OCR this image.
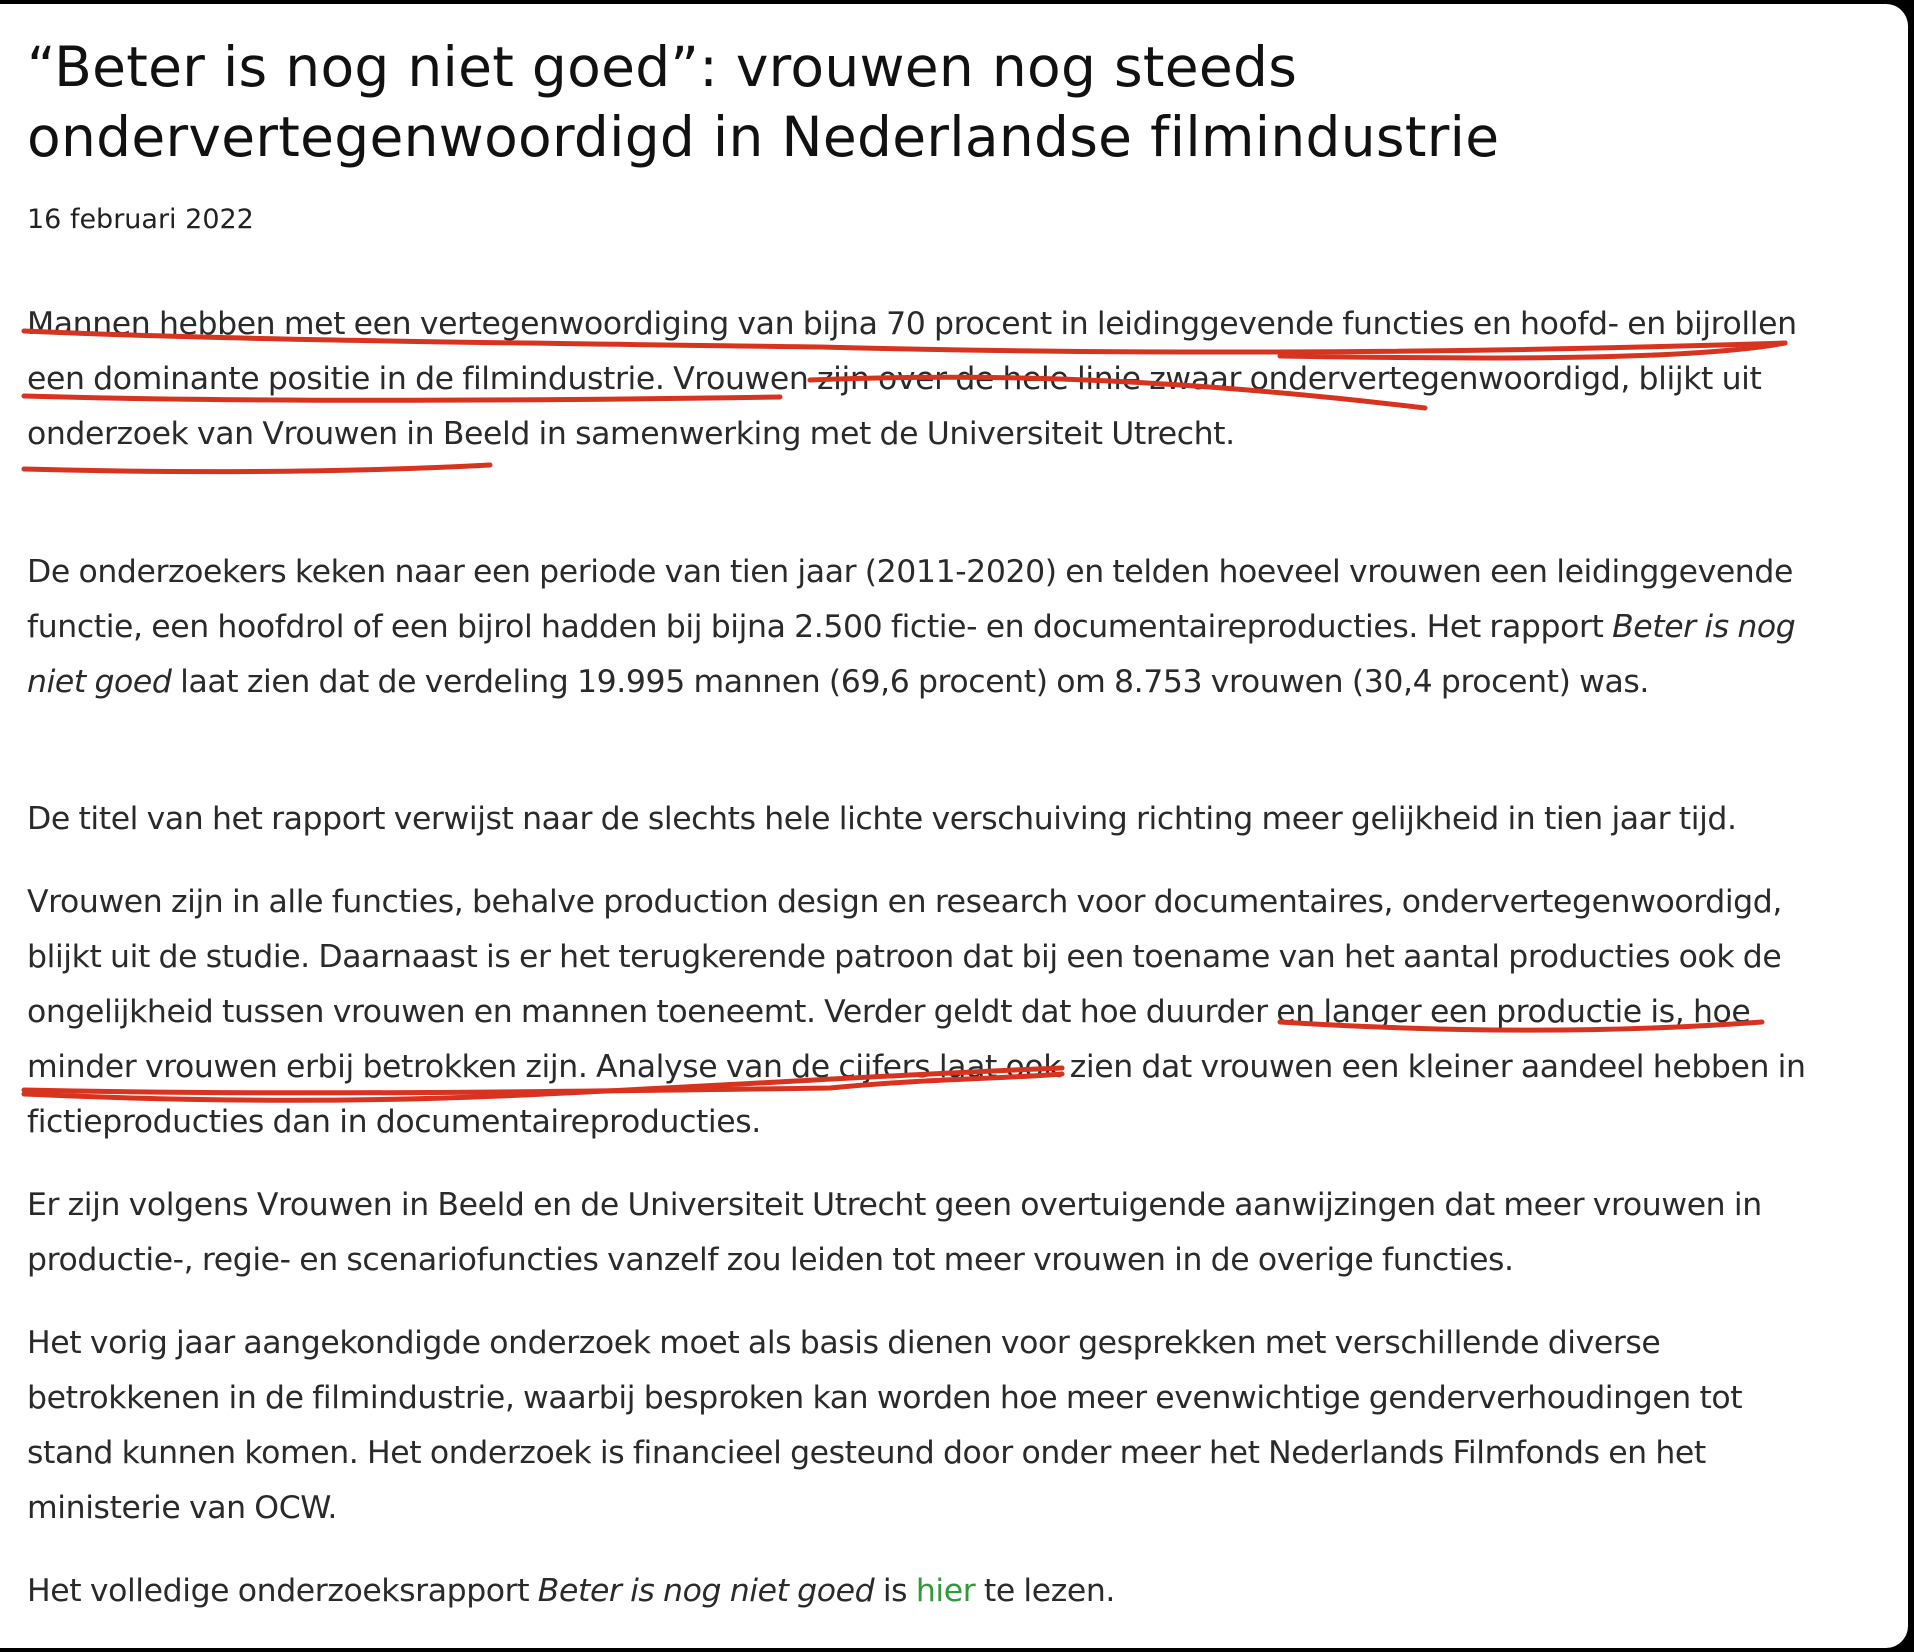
“Beter is nog niet goed”: vrouwen nog steeds ondervertegenwoordigd in Nederlandse filmindustrie
16 februari 2022

Mannen hebben met een vertegenwoordiging van bijna 70 procent in leidinggevende functies en hoofd- en bijrollen een dominante positie in de filmindustrie. Vrouwen zijn over de hele linie zwaar ondervertegenwoordigd, blijkt uit onderzoek van Vrouwen in Beeld in samenwerking met de Universiteit Utrecht.

De onderzoekers keken naar een periode van tien jaar (2011-2020) en telden hoeveel vrouwen een leidinggevende functie, een hoofdrol of een bijrol hadden bij bijna 2.500 fictie- en documentaireproducties. Het rapport Beter is nog niet goed laat zien dat de verdeling 19.995 mannen (69,6 procent) om 8.753 vrouwen (30,4 procent) was.

De titel van het rapport verwijst naar de slechts hele lichte verschuiving richting meer gelijkheid in tien jaar tijd.

Vrouwen zijn in alle functies, behalve production design en research voor documentaires, ondervertegenwoordigd, blijkt uit de studie. Daarnaast is er het terugkerende patroon dat bij een toename van het aantal producties ook de ongelijkheid tussen vrouwen en mannen toeneemt. Verder geldt dat hoe duurder en langer een productie is, hoe minder vrouwen erbij betrokken zijn. Analyse van de cijfers laat ook zien dat vrouwen een kleiner aandeel hebben in fictieproducties dan in documentaireproducties.

Er zijn volgens Vrouwen in Beeld en de Universiteit Utrecht geen overtuigende aanwijzingen dat meer vrouwen in productie-, regie- en scenariofuncties vanzelf zou leiden tot meer vrouwen in de overige functies.

Het vorig jaar aangekondigde onderzoek moet als basis dienen voor gesprekken met verschillende diverse betrokkenen in de filmindustrie, waarbij besproken kan worden hoe meer evenwichtige genderverhoudingen tot stand kunnen komen. Het onderzoek is financieel gesteund door onder meer het Nederlands Filmfonds en het ministerie van OCW.

Het volledige onderzoeksrapport Beter is nog niet goed is hier te lezen.
